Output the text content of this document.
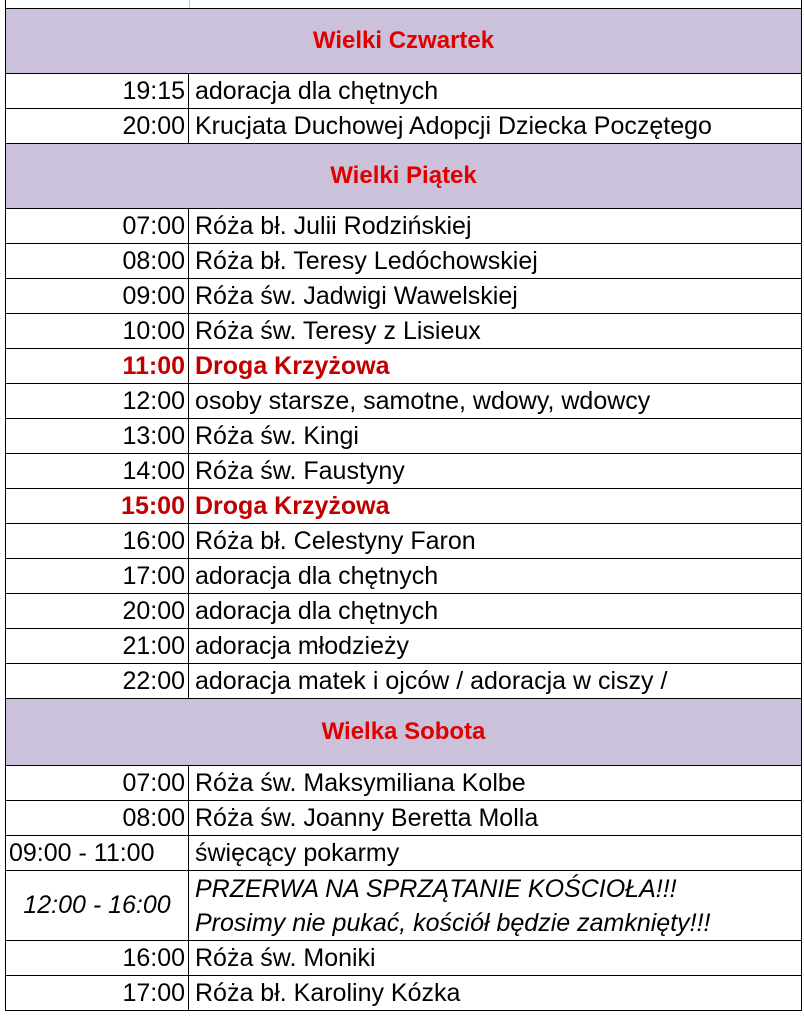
Wielki Czwartek
19:15 adoracja dla chętnych
20:00 Krucjata Duchowej Adopcji Dziecka Poczętego
Wielki Piątek
07:00 Róża bł. Julii Rodzińskiej
08:00 Róża bł. Teresy Ledóchowskiej
09:00 Róża św. Jadwigi Wawelskiej
10:00 Róża św. Teresy z Lisieux
11:00 Droga Krzyżowa
12:00 osoby starsze, samotne, wdowy, wdowcy
13:00 Róża św. Kingi
14:00 Róża św. Faustyny
15:00 Droga Krzyżowa
16:00 Róża bł. Celestyny Faron
17:00 adoracja dla chętnych
20:00 adoracja dla chętnych
21:00 adoracja młodzieży
22:00 adoracja matek i ojców / adoracja w ciszy /
Wielka Sobota
07:00 Róża św. Maksymiliana Kolbe
08:00 Róża św. Joanny Beretta Molla
09:00 - 11:00	święcący pokarmy
12:00 - 16:00
PRZERWA NA SPRZĄTANIE KOŚCIOŁA!!!
Prosimy nie pukać, kościół będzie zamknięty!!!
16:00 Róża św. Moniki
17:00 Róża bł. Karoliny Kózka
